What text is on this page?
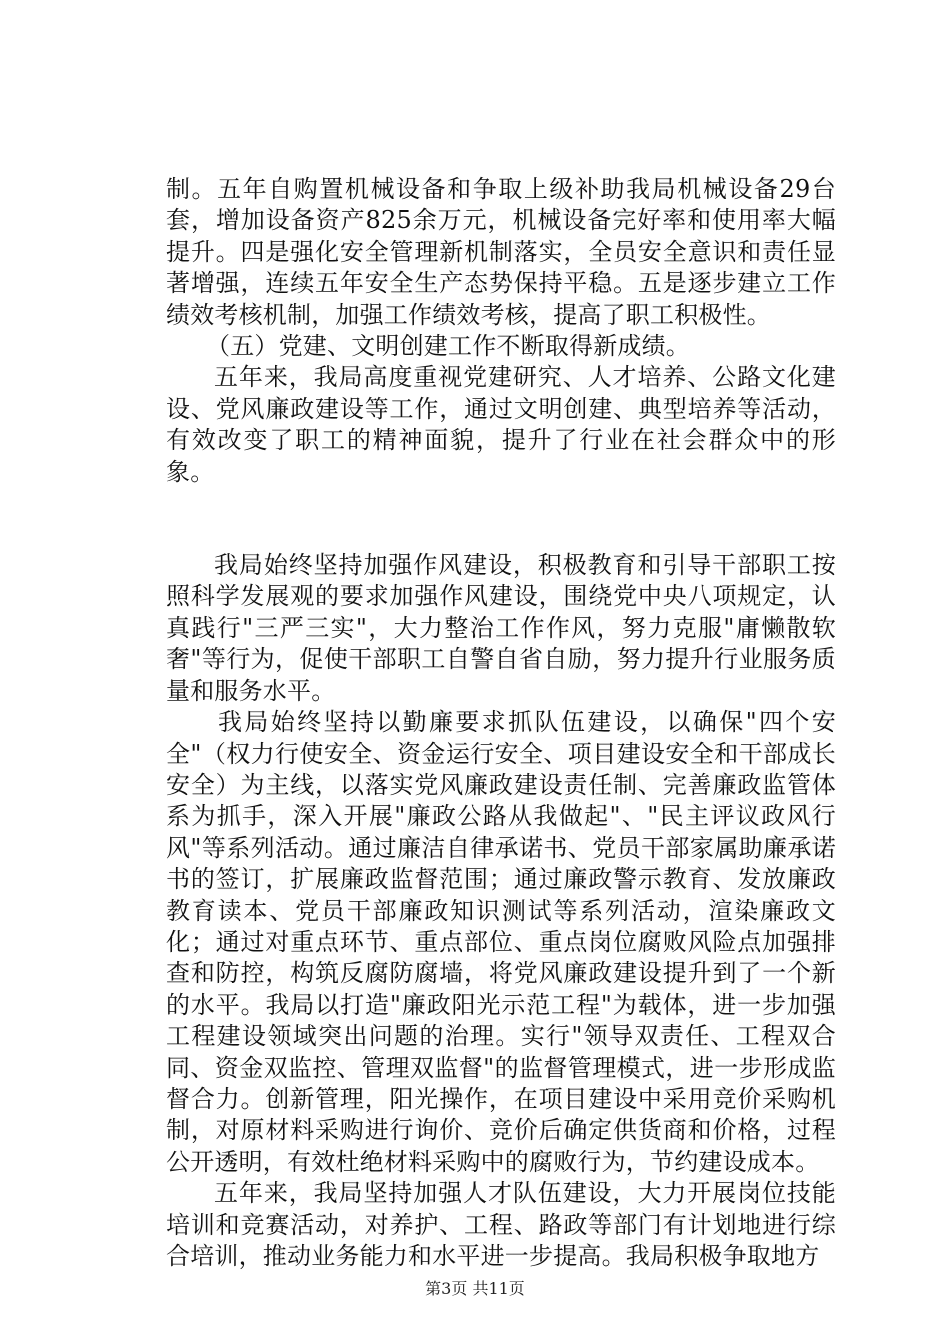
制。五年自购置机械设备和争取上级补助我局机械设备29台套，增加设备资产825余万元，机械设备完好率和使用率大幅提升。四是强化安全管理新机制落实，全员安全意识和责任显著增强，连续五年安全生产态势保持平稳。五是逐步建立工作绩效考核机制，加强工作绩效考核，提高了职工积极性。

（五）党建、文明创建工作不断取得新成绩。

五年来，我局高度重视党建研究、人才培养、公路文化建设、党风廉政建设等工作，通过文明创建、典型培养等活动，有效改变了职工的精神面貌，提升了行业在社会群众中的形象。

我局始终坚持加强作风建设，积极教育和引导干部职工按照科学发展观的要求加强作风建设，围绕党中央八项规定，认真践行"三严三实"，大力整治工作作风，努力克服"庸懒散软奢"等行为，促使干部职工自警自省自励，努力提升行业服务质量和服务水平。

我局始终坚持以勤廉要求抓队伍建设，以确保"四个安全"（权力行使安全、资金运行安全、项目建设安全和干部成长安全）为主线，以落实党风廉政建设责任制、完善廉政监管体系为抓手，深入开展"廉政公路从我做起"、"民主评议政风行风"等系列活动。通过廉洁自律承诺书、党员干部家属助廉承诺书的签订，扩展廉政监督范围；通过廉政警示教育、发放廉政教育读本、党员干部廉政知识测试等系列活动，渲染廉政文化；通过对重点环节、重点部位、重点岗位腐败风险点加强排查和防控，构筑反腐防腐墙，将党风廉政建设提升到了一个新的水平。我局以打造"廉政阳光示范工程"为载体，进一步加强工程建设领域突出问题的治理。实行"领导双责任、工程双合同、资金双监控、管理双监督"的监督管理模式，进一步形成监督合力。创新管理，阳光操作，在项目建设中采用竞价采购机制，对原材料采购进行询价、竞价后确定供货商和价格，过程公开透明，有效杜绝材料采购中的腐败行为，节约建设成本。

五年来，我局坚持加强人才队伍建设，大力开展岗位技能培训和竞赛活动，对养护、工程、路政等部门有计划地进行综合培训，推动业务能力和水平进一步提高。我局积极争取地方

第3页 共11页
